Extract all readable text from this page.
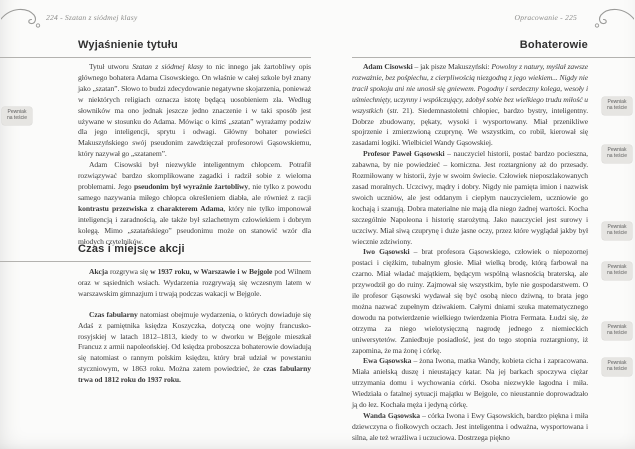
224 - Szatan z siódmej klasy	Opracowanie - 225
Wyjaśnienie tytułu

Tytuł utworu Szatan z siódmej klasy to nic innego jak żartobliwy opis głównego bohatera Adama Cisowskiego. On właśnie w całej szkole był znany jako „szatan”. Słowo to budzi zdecydowanie negatywne skojarzenia, ponieważ w niektórych religiach oznacza istotę będącą uosobieniem zła. Według słowników ma ono jednak jeszcze jedno znaczenie i w taki sposób jest używane w stosunku do Adama. Mówiąc o kimś „szatan” wyrażamy podziw dla jego inteligencji, sprytu i odwagi. Główny bohater powieści Makuszyńskiego swój pseudonim zawdzięczał profesorowi Gąsowskiemu, który nazywał go „szatanem”.

Adam Cisowski był niezwykle inteligentnym chłopcem. Potrafił rozwiązywać bardzo skomplikowane zagadki i radził sobie z wieloma problemami. Jego pseudonim był wyraźnie żartobliwy, nie tylko z powodu samego nazywania miłego chłopca określeniem diabła, ale również z racji kontrastu przezwiska z charakterem Adama, który nie tylko imponował inteligencją i zaradnością, ale także był szlachetnym człowiekiem i dobrym kolegą. Mimo „szatańskiego” pseudonimu może on stanowić wzór dla młodych czytelników.

Czas i miejsce akcji

Akcja rozgrywa się w 1937 roku, w Warszawie i w Bejgole pod Wilnem oraz w sąsiednich wsiach. Wydarzenia rozgrywają się wczesnym latem w warszawskim gimnazjum i trwają podczas wakacji w Bejgole.

Czas fabularny natomiast obejmuje wydarzenia, o których dowiaduje się Adaś z pamiętnika księdza Koszyczka, dotyczą one wojny francusko-rosyjskiej w latach 1812–1813, kiedy to w dworku w Bejgole mieszkał Francuz z armii napoleońskiej. Od księdza proboszcza bohaterowie dowiadują się natomiast o rannym polskim księdzu, który brał udział w powstaniu styczniowym, w 1863 roku. Można zatem powiedzieć, że czas fabularny trwa od 1812 roku do 1937 roku.

Pewniak
na teście
Bohaterowie

Adam Cisowski – jak pisze Makuszyński: Powolny z natury, myślał zawsze rozważnie, bez pośpiechu, z cierpliwością niezgodną z jego wiekiem... Nigdy nie tracił spokoju ani nie unosił się gniewem. Pogodny i serdeczny kolega, wesoły i uśmiechnięty, uczynny i współczujący, zdobył sobie bez wielkiego trudu miłość u wszystkich (str. 21). Siedemnastoletni chłopiec, bardzo bystry, inteligentny. Dobrze zbudowany, pękaty, wysoki i wysportowany. Miał przenikliwe spojrzenie i zmierzwioną czuprynę. We wszystkim, co robił, kierował się zasadami logiki. Wielbiciel Wandy Gąsowskiej.

Profesor Paweł Gąsowski – nauczyciel historii, postać bardzo pocieszna, zabawna, by nie powiedzieć – komiczna. Jest roztargniony aż do przesady. Rozmiłowany w historii, żyje w swoim świecie. Człowiek nieposzlakowanych zasad moralnych. Uczciwy, mądry i dobry. Nigdy nie pamięta imion i nazwisk swoich uczniów, ale jest oddanym i ciepłym nauczycielem, uczniowie go kochają i szanują. Dobra materialne nie mają dla niego żadnej wartości. Kocha szczególnie Napoleona i historię starożytną. Jako nauczyciel jest surowy i uczciwy. Miał siwą czuprynę i duże jasne oczy, przez które wyglądał jakby był wiecznie zdziwiony.

Iwo Gąsowski – brat profesora Gąsowskiego, człowiek o niepozornej postaci i ciężkim, tubalnym głosie. Miał wielką brodę, którą farbował na czarno. Miał władać majątkiem, będącym wspólną własnością braterską, ale przywodził go do ruiny. Zajmował się wszystkim, byle nie gospodarstwem. O ile profesor Gąsowski wydawał się być osobą nieco dziwną, to brata jego można nazwać zupełnym dziwakiem. Całymi dniami szuka matematycznego dowodu na potwierdzenie wielkiego twierdzenia Piotra Fermata. Łudzi się, że otrzyma za niego wielotysięczną nagrodę jednego z niemieckich uniwersytetów. Zaniedbuje posiadłość, jest do tego stopnia roztargniony, iż zapomina, że ma żonę i córkę.

Ewa Gąsowska – żona Iwona, matka Wandy, kobieta cicha i zapracowana. Miała anielską duszę i nieustający katar. Na jej barkach spoczywa ciężar utrzymania domu i wychowania córki. Osoba niezwykle łagodna i miła. Wiedziała o fatalnej sytuacji majątku w Bejgole, co nieustannie doprowadzało ją do łez. Kochała męża i jedyną córkę.

Wanda Gąsowska – córka Iwona i Ewy Gąsowskich, bardzo piękna i miła dziewczyna o fiołkowych oczach. Jest inteligentna i odważna, wysportowana i silna, ale też wrażliwa i uczuciowa. Dostrzega piękno

Pewniak
na teście
Pewniak
na teście
Pewniak
na teście
Pewniak
na teście
Pewniak
na teście
Pewniak
na teście
